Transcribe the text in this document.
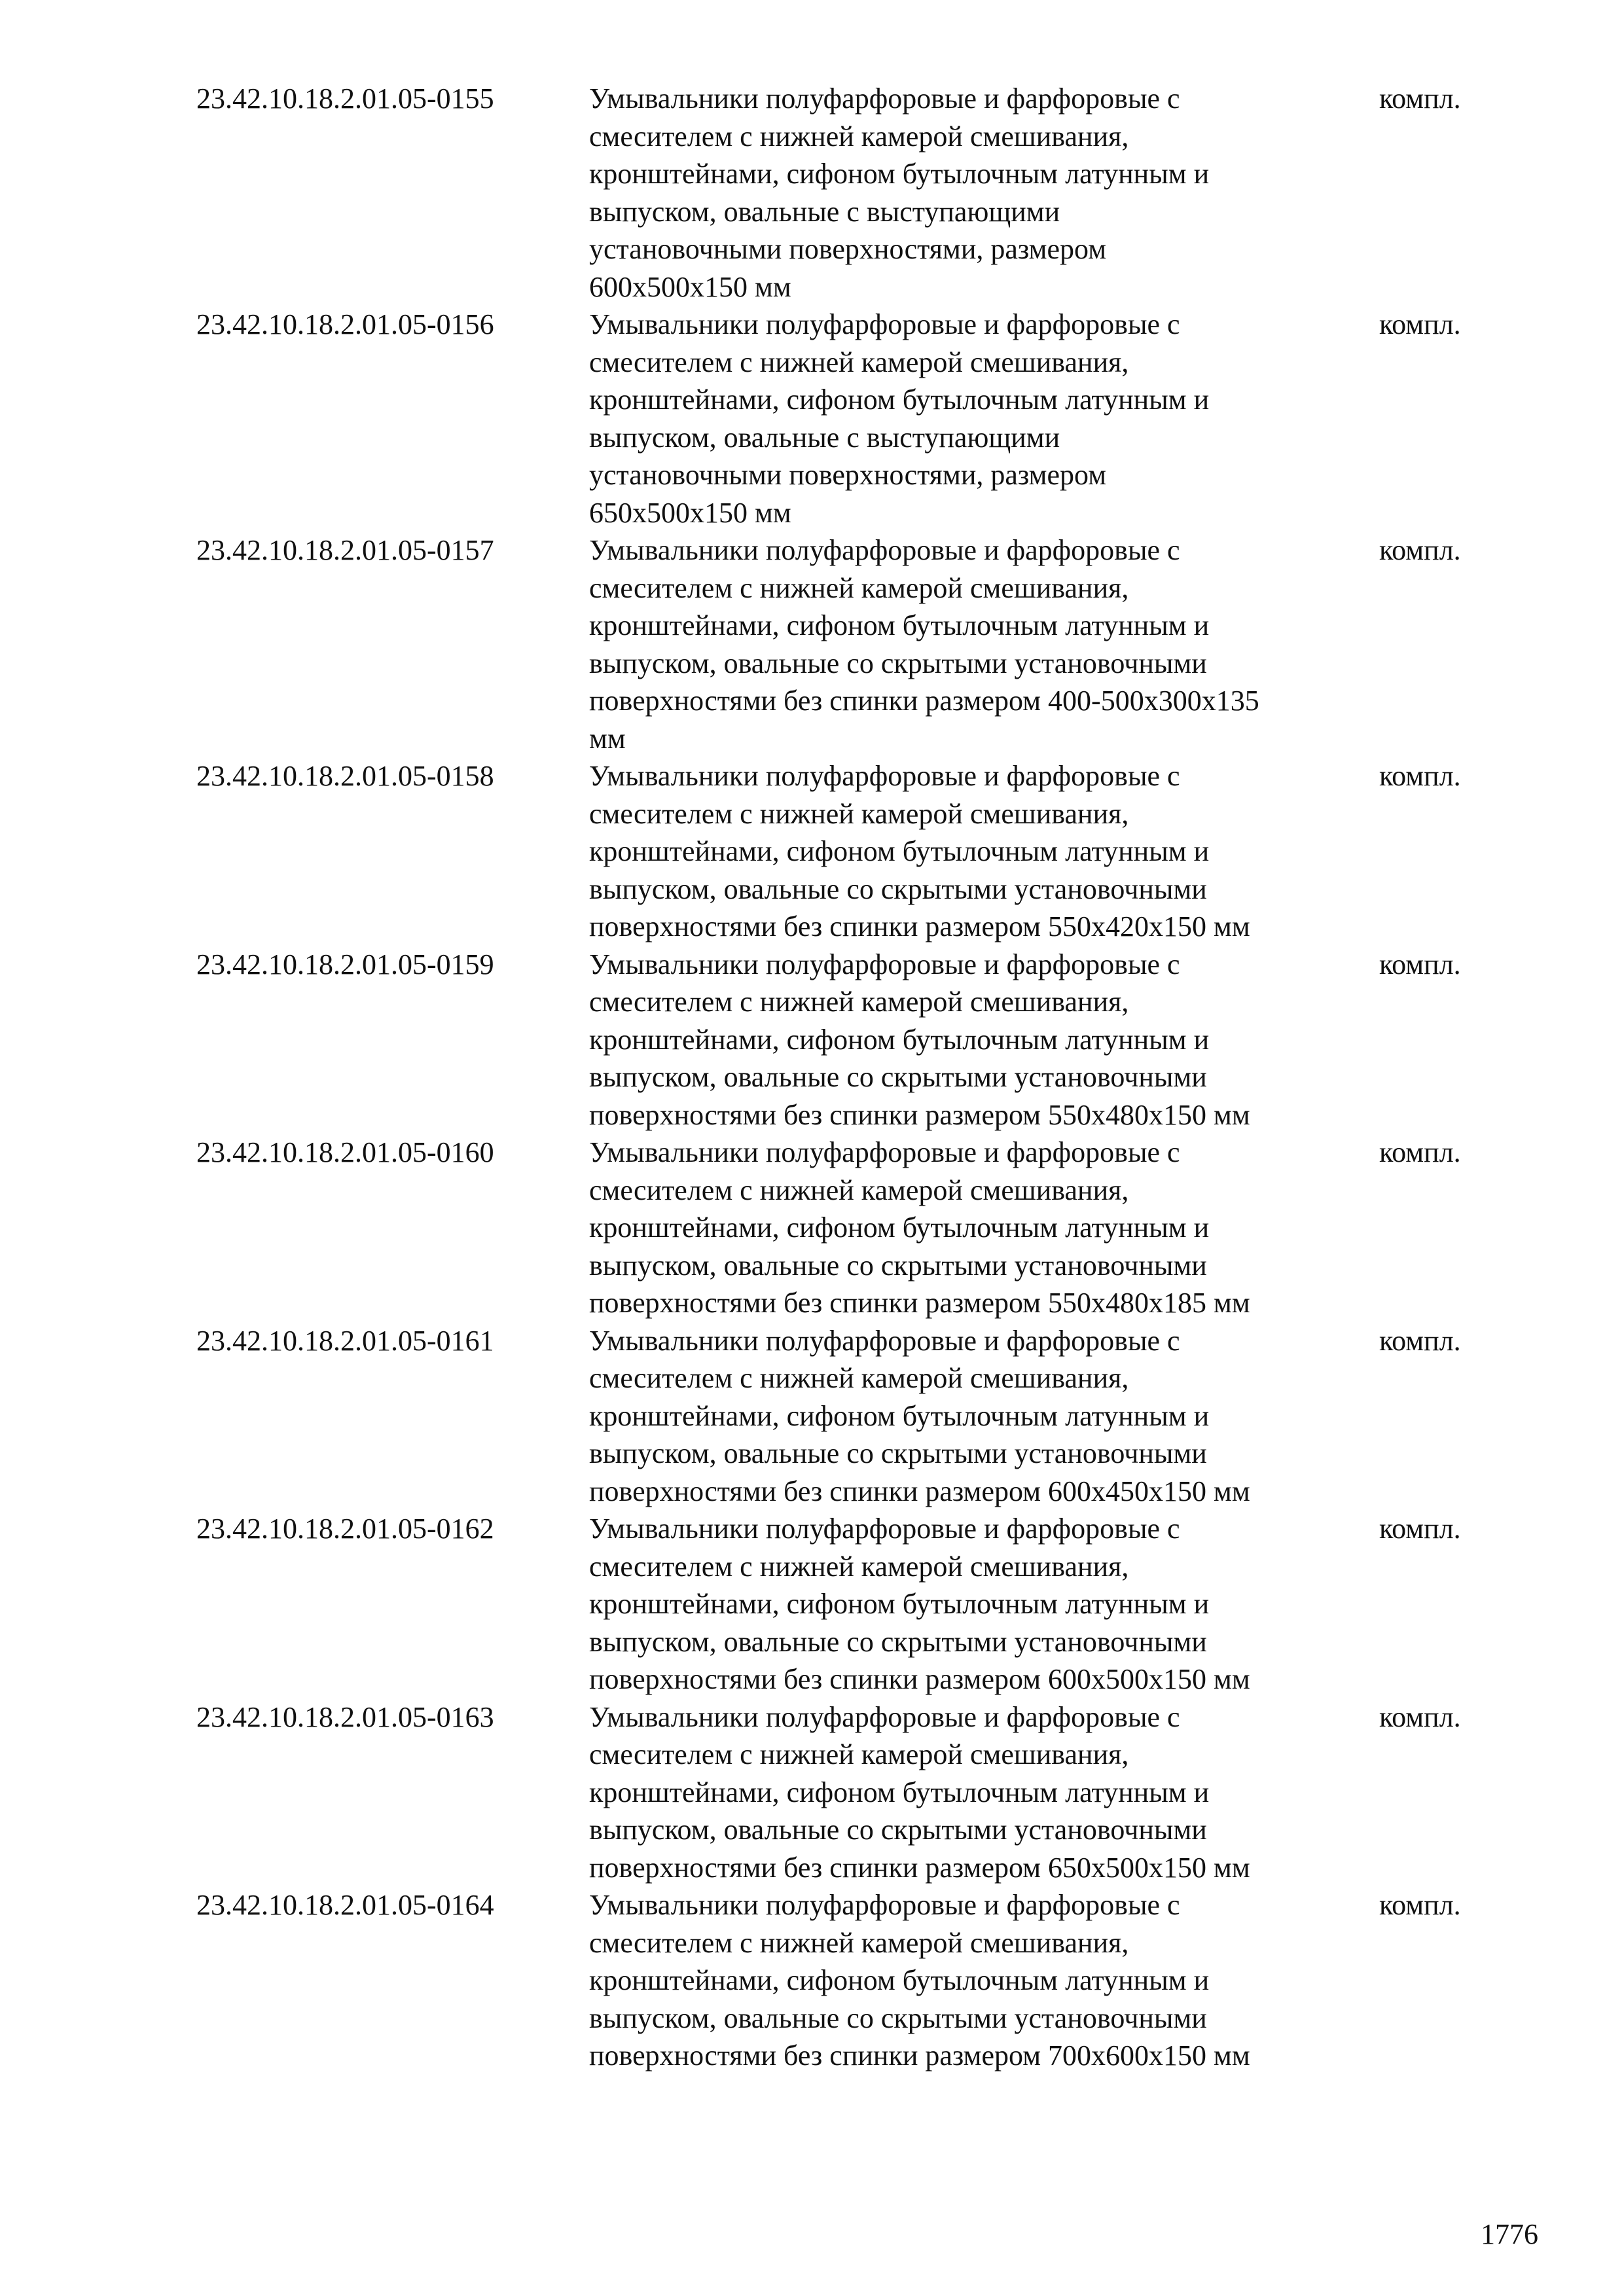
23.42.10.18.2.01.05-0155	Умывальники полуфарфоровые и фарфоровые с
смесителем с нижней камерой смешивания,
кронштейнами, сифоном бутылочным латунным и
выпуском, овальные с выступающими
установочными поверхностями, размером
600х500х150 мм
компл.
23.42.10.18.2.01.05-0156	Умывальники полуфарфоровые и фарфоровые с
смесителем с нижней камерой смешивания,
кронштейнами, сифоном бутылочным латунным и
выпуском, овальные с выступающими
установочными поверхностями, размером
650х500х150 мм
компл.
23.42.10.18.2.01.05-0157	Умывальники полуфарфоровые и фарфоровые с
смесителем с нижней камерой смешивания,
кронштейнами, сифоном бутылочным латунным и
выпуском, овальные со скрытыми установочными
поверхностями без спинки размером 400-500х300х135
мм
компл.
23.42.10.18.2.01.05-0158	Умывальники полуфарфоровые и фарфоровые с
смесителем с нижней камерой смешивания,
кронштейнами, сифоном бутылочным латунным и
выпуском, овальные со скрытыми установочными
поверхностями без спинки размером 550х420х150 мм
компл.
23.42.10.18.2.01.05-0159	Умывальники полуфарфоровые и фарфоровые с
смесителем с нижней камерой смешивания,
кронштейнами, сифоном бутылочным латунным и
выпуском, овальные со скрытыми установочными
поверхностями без спинки размером 550х480х150 мм
компл.
23.42.10.18.2.01.05-0160	Умывальники полуфарфоровые и фарфоровые с
смесителем с нижней камерой смешивания,
кронштейнами, сифоном бутылочным латунным и
выпуском, овальные со скрытыми установочными
поверхностями без спинки размером 550х480х185 мм
компл.
23.42.10.18.2.01.05-0161	Умывальники полуфарфоровые и фарфоровые с
смесителем с нижней камерой смешивания,
кронштейнами, сифоном бутылочным латунным и
выпуском, овальные со скрытыми установочными
поверхностями без спинки размером 600х450х150 мм
компл.
23.42.10.18.2.01.05-0162	Умывальники полуфарфоровые и фарфоровые с
смесителем с нижней камерой смешивания,
кронштейнами, сифоном бутылочным латунным и
выпуском, овальные со скрытыми установочными
поверхностями без спинки размером 600х500х150 мм
компл.
23.42.10.18.2.01.05-0163	Умывальники полуфарфоровые и фарфоровые с
смесителем с нижней камерой смешивания,
кронштейнами, сифоном бутылочным латунным и
выпуском, овальные со скрытыми установочными
поверхностями без спинки размером 650х500х150 мм
компл.
23.42.10.18.2.01.05-0164	Умывальники полуфарфоровые и фарфоровые с
смесителем с нижней камерой смешивания,
кронштейнами, сифоном бутылочным латунным и
выпуском, овальные со скрытыми установочными
поверхностями без спинки размером 700х600х150 мм
компл.
1776
